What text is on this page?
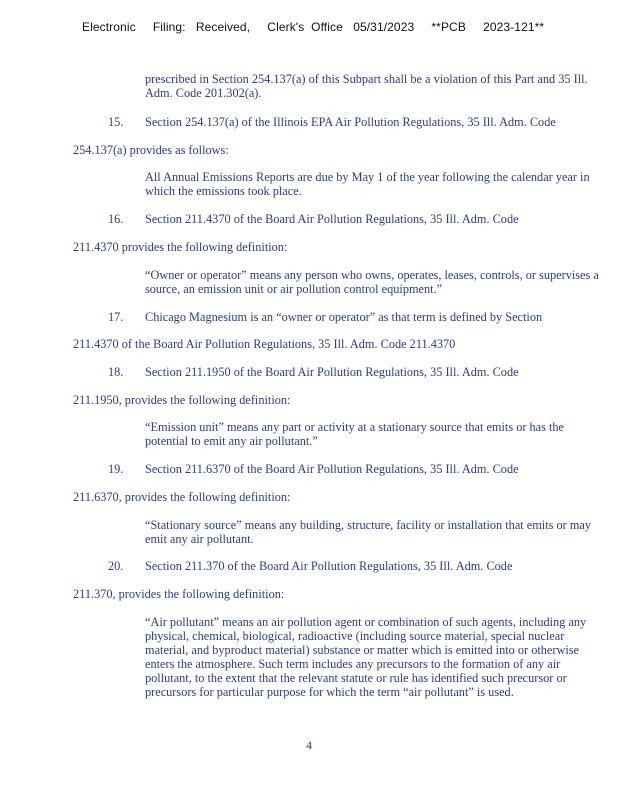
Electronic     Filing:   Received,     Clerk's  Office   05/31/2023     **PCB     2023-121**
prescribed in Section 254.137(a) of this Subpart shall be a violation of this Part and 35 Ill. Adm. Code 201.302(a).
15. Section 254.137(a) of the Illinois EPA Air Pollution Regulations, 35 Ill. Adm. Code
254.137(a) provides as follows:
All Annual Emissions Reports are due by May 1 of the year following the calendar year in which the emissions took place.
16. Section 211.4370 of the Board Air Pollution Regulations, 35 Ill. Adm. Code
211.4370 provides the following definition:
“Owner or operator” means any person who owns, operates, leases, controls, or supervises a source, an emission unit or air pollution control equipment.”
17. Chicago Magnesium is an “owner or operator” as that term is defined by Section
211.4370 of the Board Air Pollution Regulations, 35 Ill. Adm. Code 211.4370
18. Section 211.1950 of the Board Air Pollution Regulations, 35 Ill. Adm. Code
211.1950, provides the following definition:
“Emission unit” means any part or activity at a stationary source that emits or has the potential to emit any air pollutant.”
19. Section 211.6370 of the Board Air Pollution Regulations, 35 Ill. Adm. Code
211.6370, provides the following definition:
“Stationary source” means any building, structure, facility or installation that emits or may emit any air pollutant.
20. Section 211.370 of the Board Air Pollution Regulations, 35 Ill. Adm. Code
211.370, provides the following definition:
“Air pollutant” means an air pollution agent or combination of such agents, including any physical, chemical, biological, radioactive (including source material, special nuclear material, and byproduct material) substance or matter which is emitted into or otherwise enters the atmosphere. Such term includes any precursors to the formation of any air pollutant, to the extent that the relevant statute or rule has identified such precursor or precursors for particular purpose for which the term “air pollutant” is used.
4
